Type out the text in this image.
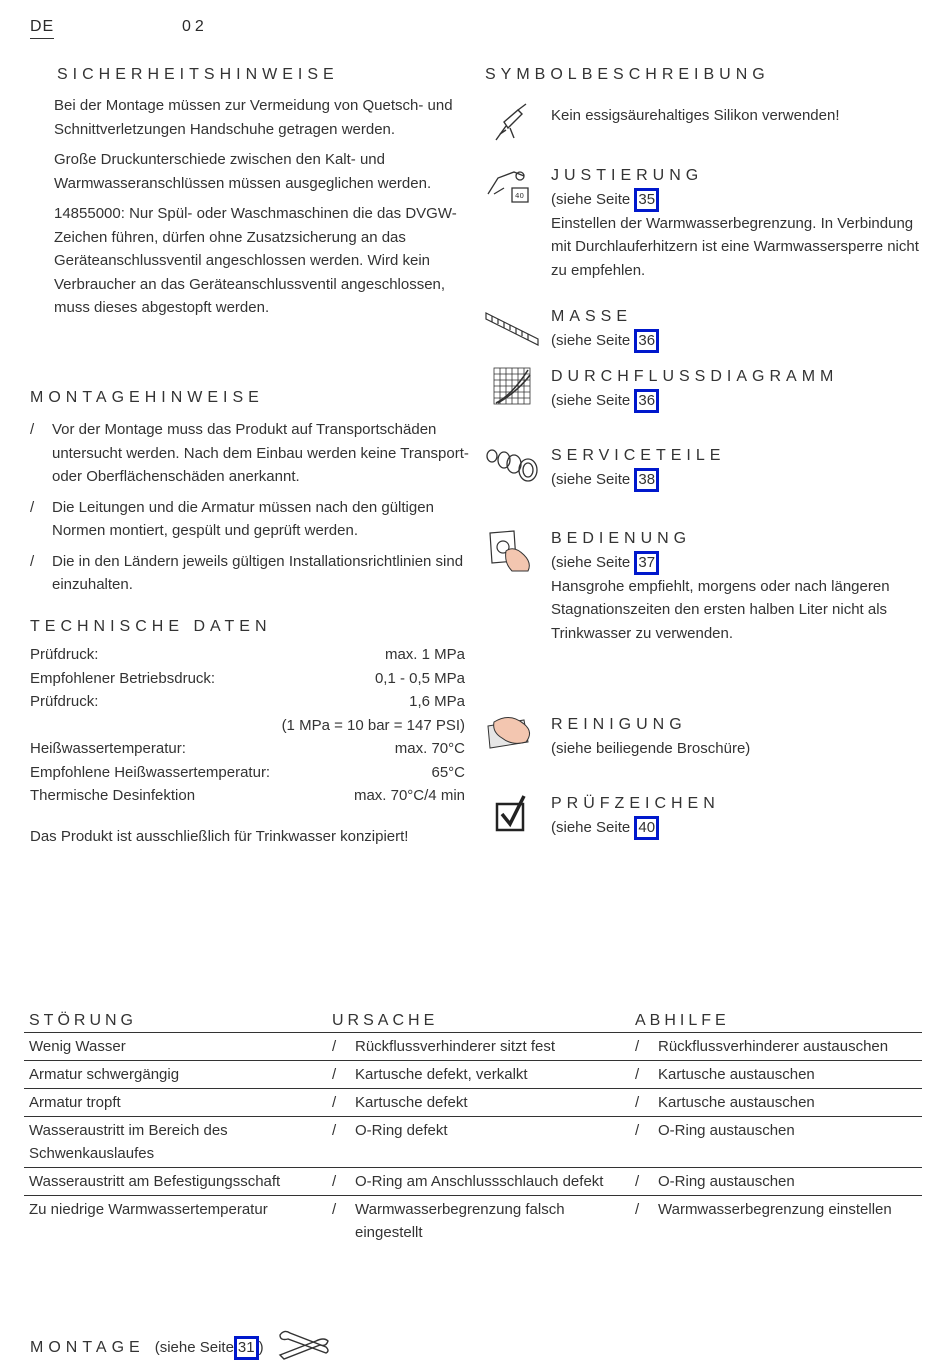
DE	02
SICHERHEITSHINWEISE
Bei der Montage müssen zur Vermeidung von Quetsch- und Schnittverletzungen Handschuhe getragen werden.
Große Druckunterschiede zwischen den Kalt- und Warmwasseranschlüssen müssen ausgeglichen werden.
14855000: Nur Spül- oder Waschmaschinen die das DVGW-Zeichen führen, dürfen ohne Zusatzsicherung an das Geräteanschlussventil angeschlossen werden. Wird kein Verbraucher an das Geräteanschlussventil angeschlossen, muss dieses abgestopft werden.
MONTAGEHINWEISE
/	Vor der Montage muss das Produkt auf Transportschäden untersucht werden. Nach dem Einbau werden keine Transport- oder Oberflächenschäden anerkannt.
/	Die Leitungen und die Armatur müssen nach den gültigen Normen montiert, gespült und geprüft werden.
/	Die in den Ländern jeweils gültigen Installationsrichtlinien sind einzuhalten.
TECHNISCHE DATEN
Prüfdruck:	max. 1 MPa
Empfohlener Betriebsdruck:	0,1 - 0,5 MPa
Prüfdruck:	1,6 MPa
	(1 MPa = 10 bar = 147 PSI)
Heißwassertemperatur:	max. 70°C
Empfohlene Heißwassertemperatur:	65°C
Thermische Desinfektion	max. 70°C/4 min
Das Produkt ist ausschließlich für Trinkwasser konzipiert!
SYMBOLBESCHREIBUNG
Kein essigsäurehaltiges Silikon verwenden!
40
JUSTIERUNG
(siehe Seite 35
Einstellen der Warmwasserbegrenzung. In Verbindung mit Durchlauferhitzern ist eine Warmwassersperre nicht zu empfehlen.
MASSE
(siehe Seite 36
DURCHFLUSSDIAGRAMM
(siehe Seite 36
SERVICETEILE
(siehe Seite 38
BEDIENUNG
(siehe Seite 37
Hansgrohe empfiehlt, morgens oder nach längeren Stagnationszeiten den ersten halben Liter nicht als Trinkwasser zu verwenden.
REINIGUNG
(siehe beiliegende Broschüre)
PRÜFZEICHEN
(siehe Seite 40
STÖRUNG	URSACHE	ABHILFE
Wenig Wasser	/ Rückflussverhinderer sitzt fest	/ Rückflussverhinderer austauschen

Armatur schwergängig	/ Kartusche defekt, verkalkt	/ Kartusche austauschen

Armatur tropft	/ Kartusche defekt	/ Kartusche austauschen

Wasseraustritt im Bereich des Schwenkauslaufes	/ O-Ring defekt	/ O-Ring austauschen

Wasseraustritt am Befestigungsschaft	/ O-Ring am Anschlussschlauch defekt	/ O-Ring austauschen

Zu niedrige Warmwassertemperatur	/ Warmwasserbegrenzung falsch eingestellt	/ Warmwasserbegrenzung einstellen
MONTAGE (siehe Seite 31 )
